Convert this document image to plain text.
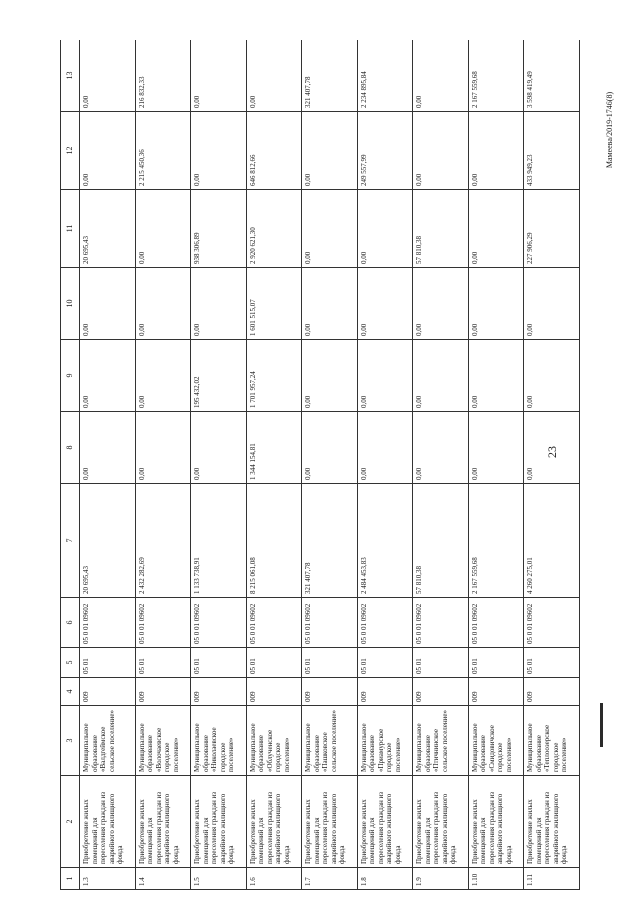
23
1	2	3	4	5	6	7	8	9	10	11	12	13
1.3	Приобретение жилых помещений для переселения граждан из аварийного жилищного фонда	Муниципальное образование «Валдгеймское сельское поселение»	009	05 01	05 0 01 09602	20 695,43	0,00	0,00	0,00	20 695,43	0,00	0,00
1.4	Приобретение жилых помещений для переселения граждан из аварийного жилищного фонда	Муниципальное образование «Волочаевское городское поселение»	009	05 01	05 0 01 09602	2 432 282,69	0,00	0,00	0,00	0,00	2 215 450,36	216 832,33
1.5	Приобретение жилых помещений для переселения граждан из аварийного жилищного фонда	Муниципальное образование «Николаевское городское поселение»	009	05 01	05 0 01 09602	1 133 738,91	0,00	195 432,02	0,00	938 306,89	0,00	0,00
1.6	Приобретение жилых помещений для переселения граждан из аварийного жилищного фонда	Муниципальное образование «Облученское городское поселение»	009	05 01	05 0 01 09602	8 215 061,08	1 344 154,81	1 701 957,24	1 601 515,07	2 920 621,30	646 812,66	0,00
1.7	Приобретение жилых помещений для переселения граждан из аварийного жилищного фонда	Муниципальное образование «Пашковское сельское поселение»	009	05 01	05 0 01 09602	321 407,78	0,00	0,00	0,00	0,00	0,00	321 407,78
1.8	Приобретение жилых помещений для переселения граждан из аварийного жилищного фонда	Муниципальное образование «Приамурское городское поселение»	009	05 01	05 0 01 09602	2 484 453,83	0,00	0,00	0,00	0,00	249 557,99	2 234 895,84
1.9	Приобретение жилых помещений для переселения граждан из аварийного жилищного фонда	Муниципальное образование «Птичнинское сельское поселение»	009	05 01	05 0 01 09602	57 810,38	0,00	0,00	0,00	57 810,38	0,00	0,00
1.10	Приобретение жилых помещений для переселения граждан из аварийного жилищного фонда	Муниципальное образование «Смидовичское городское поселение»	009	05 01	05 0 01 09602	2 167 559,68	0,00	0,00	0,00	0,00	0,00	2 167 559,68
1.11	Приобретение жилых помещений для переселения граждан из аварийного жилищного фонда	Муниципальное образование «Теплоозерское городское поселение»	009	05 01	05 0 01 09602	4 260 275,01	0,00	0,00	0,00	227 906,29	433 949,23	3 598 419,49
Мамеева/2019-1746(8)
